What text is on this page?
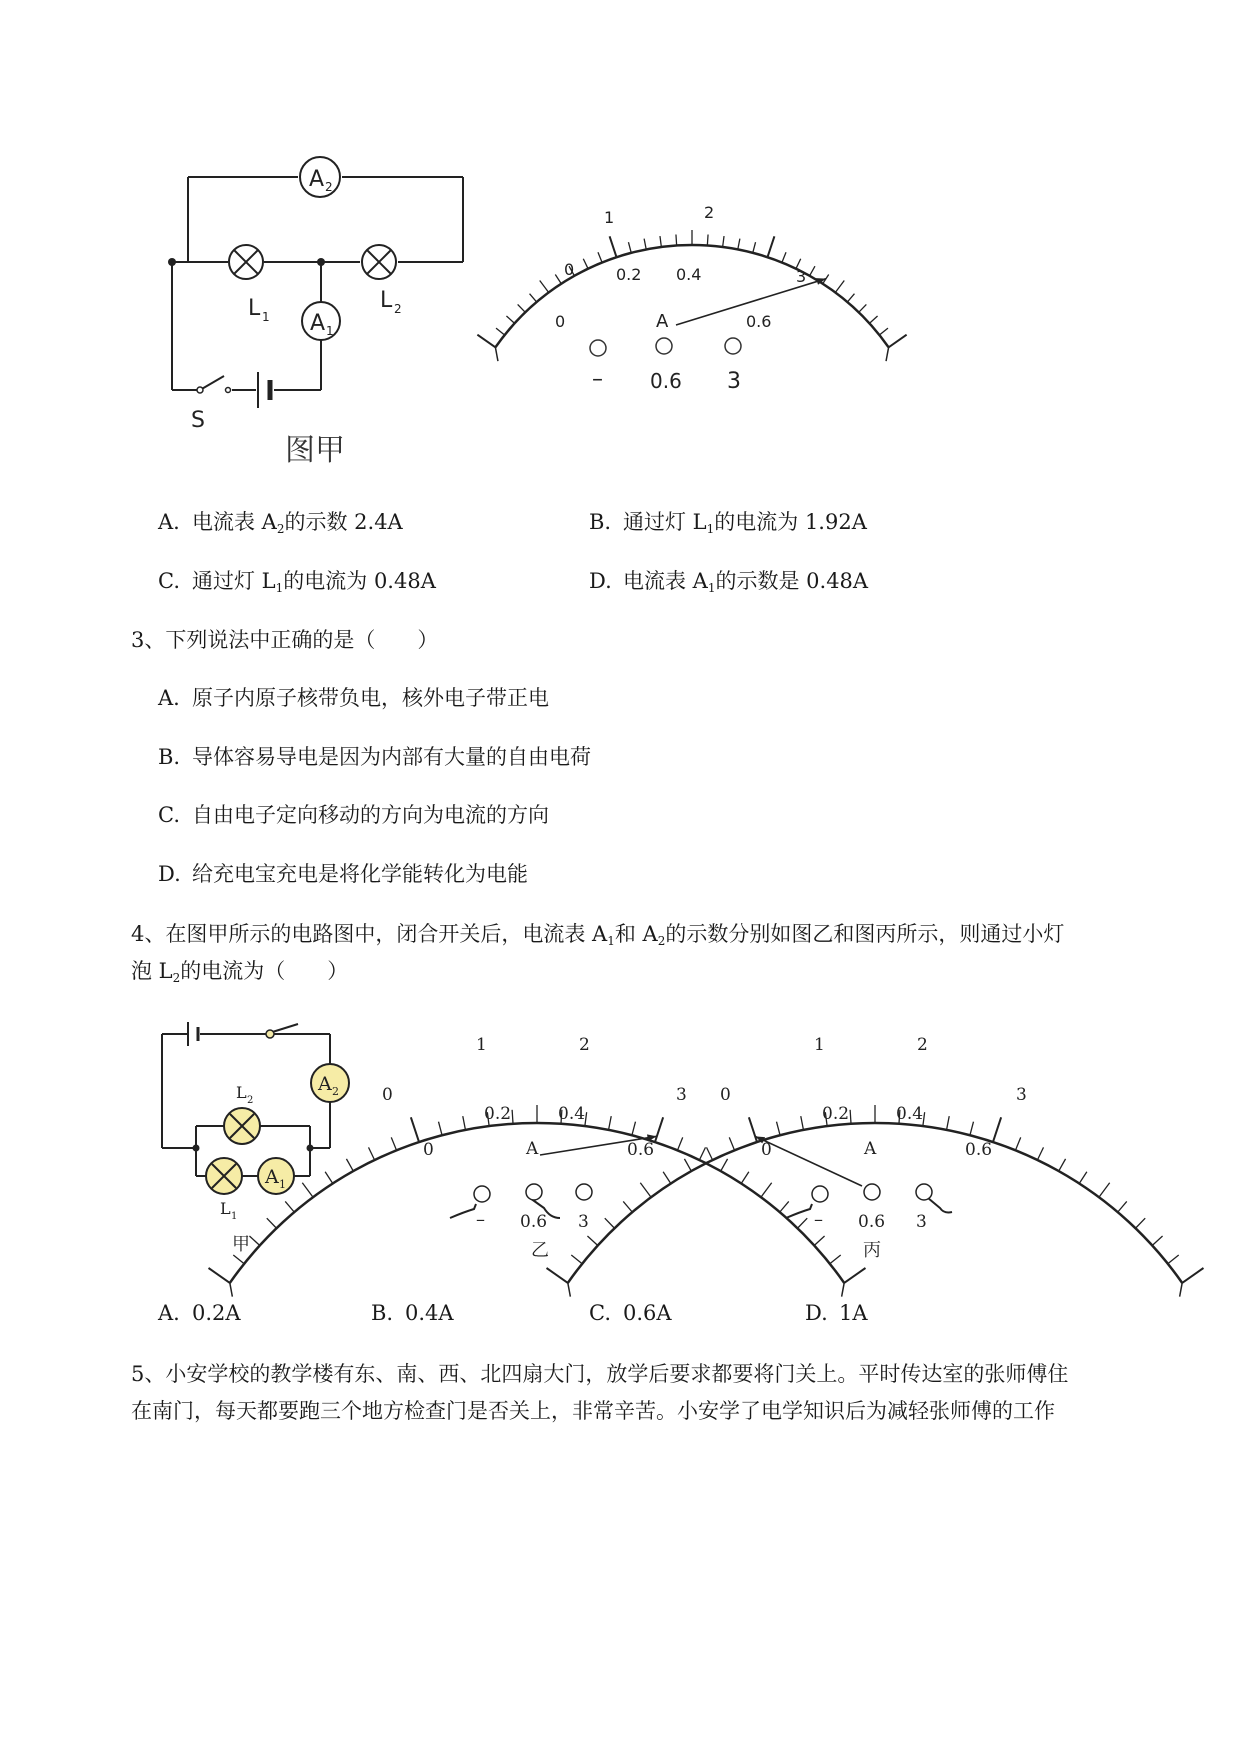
A 2
L 1
L 2
A 1
S
图甲
0
1	2
3
0
0.2 0.4
0.6
A
– 0.6 3
A. 电流表 $A_2$的示数 2.4A	B. 通过灯 $L_1$的电流为 1.92A
C. 通过灯 $L_1$的电流为 0.48A	D. 电流表 $A_1$的示数是 0.48A
3、下列说法中正确的是（　　）
A. 原子内原子核带负电，核外电子带正电
B. 导体容易导电是因为内部有大量的自由电荷
C. 自由电子定向移动的方向为电流的方向
D. 给充电宝充电是将化学能转化为电能
4、在图甲所示的电路图中，闭合开关后，电流表 $A_1$和 $A_2$的示数分别如图乙和图丙所示，则通过小灯
泡 $L_2$的电流为（　　）
L 2
L 1
A 1
A 2
甲
0
1	2
3
0
0.2	0.4
0.6
A
– 0.6 3
乙
0
1	2
3
0
0.2	0.4
0.6
A
– 0.6 3
丙
A. 0.2A	B. 0.4A	C. 0.6A	D. 1A
5、小安学校的教学楼有东、南、西、北四扇大门，放学后要求都要将门关上。平时传达室的张师傅住
在南门，每天都要跑三个地方检查门是否关上，非常辛苦。小安学了电学知识后为减轻张师傅的工作
